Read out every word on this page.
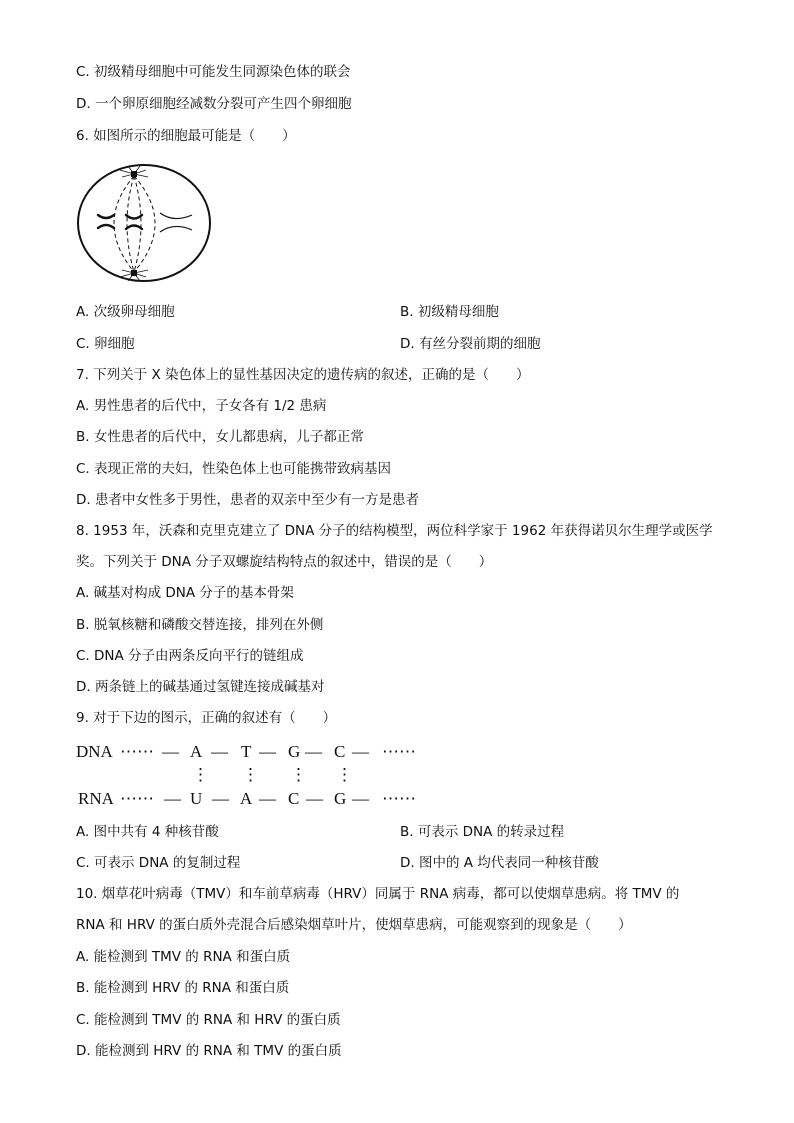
C. 初级精母细胞中可能发生同源染色体的联会
D. 一个卵原细胞经减数分裂可产生四个卵细胞
6. 如图所示的细胞最可能是（　　）
A. 次级卵母细胞	B. 初级精母细胞
C. 卵细胞	D. 有丝分裂前期的细胞
7. 下列关于 X 染色体上的显性基因决定的遗传病的叙述，正确的是（　　）
A. 男性患者的后代中，子女各有 1/2 患病
B. 女性患者的后代中，女儿都患病，儿子都正常
C. 表现正常的夫妇，性染色体上也可能携带致病基因
D. 患者中女性多于男性，患者的双亲中至少有一方是患者
8. 1953 年，沃森和克里克建立了 DNA 分子的结构模型，两位科学家于 1962 年获得诺贝尔生理学或医学
奖。下列关于 DNA 分子双螺旋结构特点的叙述中，错误的是（　　）
A. 碱基对构成 DNA 分子的基本骨架
B. 脱氧核糖和磷酸交替连接，排列在外侧
C. DNA 分子由两条反向平行的链组成
D. 两条链上的碱基通过氢键连接成碱基对
9. 对于下边的图示，正确的叙述有（　　）
DNA ⋯⋯ — A — T — G — C — ⋯⋯
⋮ ⋮ ⋮ ⋮
RNA ⋯⋯ — U — A — C — G — ⋯⋯
A. 图中共有 4 种核苷酸	B. 可表示 DNA 的转录过程
C. 可表示 DNA 的复制过程	D. 图中的 A 均代表同一种核苷酸
10. 烟草花叶病毒（TMV）和车前草病毒（HRV）同属于 RNA 病毒，都可以使烟草患病。将 TMV 的
RNA 和 HRV 的蛋白质外壳混合后感染烟草叶片，使烟草患病，可能观察到的现象是（　　）
A. 能检测到 TMV 的 RNA 和蛋白质
B. 能检测到 HRV 的 RNA 和蛋白质
C. 能检测到 TMV 的 RNA 和 HRV 的蛋白质
D. 能检测到 HRV 的 RNA 和 TMV 的蛋白质
